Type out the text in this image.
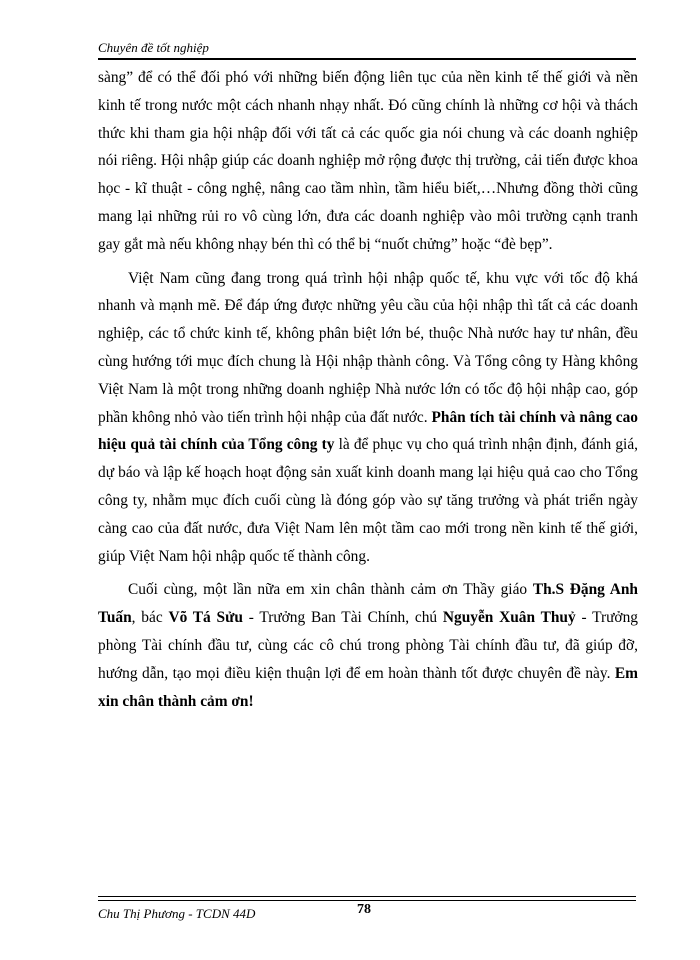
Chuyên đề tốt nghiệp

sàng” để có thể đối phó với những biến động liên tục của nền kinh tế thế giới và nền kinh tế trong nước một cách nhanh nhạy nhất. Đó cũng chính là những cơ hội và thách thức khi tham gia hội nhập đối với tất cả các quốc gia nói chung và các doanh nghiệp nói riêng. Hội nhập giúp các doanh nghiệp mở rộng được thị trường, cải tiến được khoa học - kĩ thuật - công nghệ, nâng cao tầm nhìn, tầm hiểu biết,…Nhưng đồng thời cũng mang lại những rủi ro vô cùng lớn, đưa các doanh nghiệp vào môi trường cạnh tranh gay gắt mà nếu không nhạy bén thì có thể bị “nuốt chửng” hoặc “đè bẹp”.

Việt Nam cũng đang trong quá trình hội nhập quốc tế, khu vực với tốc độ khá nhanh và mạnh mẽ. Để đáp ứng được những yêu cầu của hội nhập thì tất cả các doanh nghiệp, các tổ chức kinh tế, không phân biệt lớn bé, thuộc Nhà nước hay tư nhân, đều cùng hướng tới mục đích chung là Hội nhập thành công. Và Tổng công ty Hàng không Việt Nam là một trong những doanh nghiệp Nhà nước lớn có tốc độ hội nhập cao, góp phần không nhỏ vào tiến trình hội nhập của đất nước. Phân tích tài chính và nâng cao hiệu quả tài chính của Tổng công ty là để phục vụ cho quá trình nhận định, đánh giá, dự báo và lập kế hoạch hoạt động sản xuất kinh doanh mang lại hiệu quả cao cho Tổng công ty, nhằm mục đích cuối cùng là đóng góp vào sự tăng trưởng và phát triển ngày càng cao của đất nước, đưa Việt Nam lên một tầm cao mới trong nền kinh tế thế giới, giúp Việt Nam hội nhập quốc tế thành công.

Cuối cùng, một lần nữa em xin chân thành cảm ơn Thầy giáo Th.S Đặng Anh Tuấn, bác Võ Tá Sửu - Trưởng Ban Tài Chính, chú Nguyễn Xuân Thuỷ - Trưởng phòng Tài chính đầu tư, cùng các cô chú trong phòng Tài chính đầu tư, đã giúp đỡ, hướng dẫn, tạo mọi điều kiện thuận lợi để em hoàn thành tốt được chuyên đề này. Em xin chân thành cảm ơn!

Chu Thị Phương - TCDN 44D	78
